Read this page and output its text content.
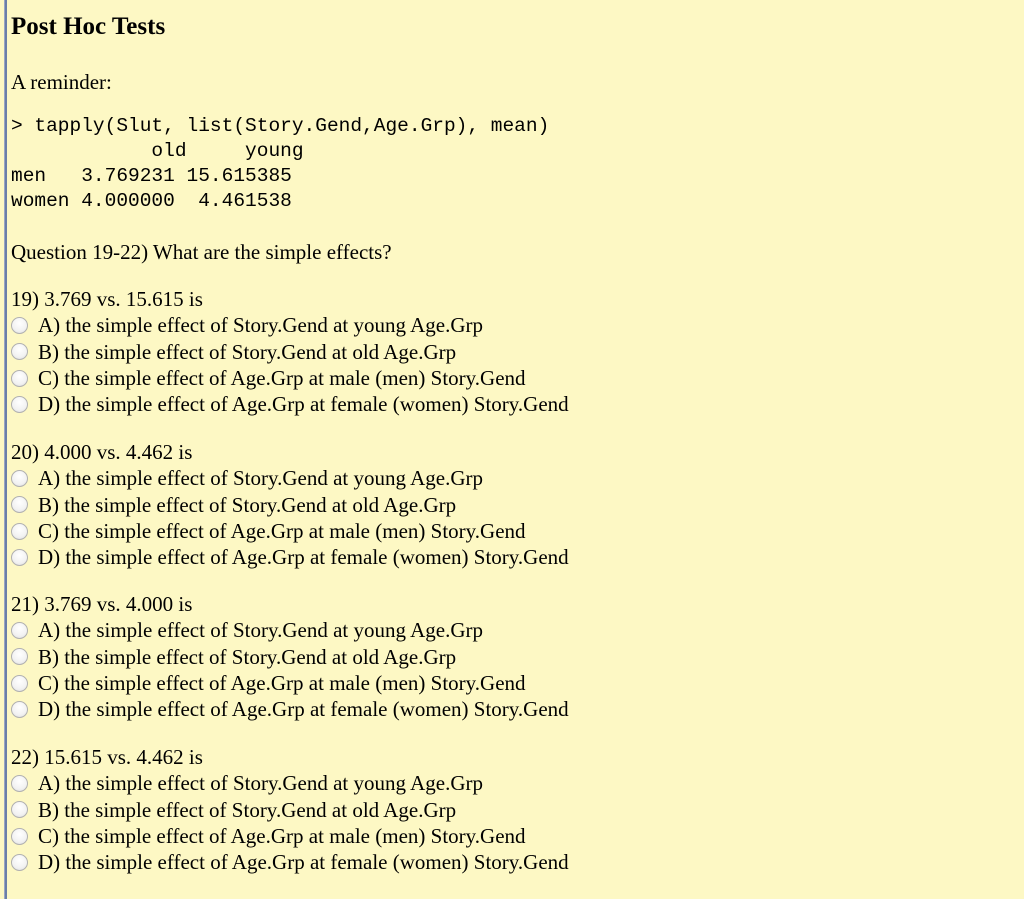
Post Hoc Tests

A reminder:

> tapply(Slut, list(Story.Gend,Age.Grp), mean)
old     young
men   3.769231 15.615385
women 4.000000  4.461538

Question 19-22) What are the simple effects?

19) 3.769 vs. 15.615 is
A) the simple effect of Story.Gend at young Age.Grp
B) the simple effect of Story.Gend at old Age.Grp
C) the simple effect of Age.Grp at male (men) Story.Gend
D) the simple effect of Age.Grp at female (women) Story.Gend
20) 4.000 vs. 4.462 is
A) the simple effect of Story.Gend at young Age.Grp
B) the simple effect of Story.Gend at old Age.Grp
C) the simple effect of Age.Grp at male (men) Story.Gend
D) the simple effect of Age.Grp at female (women) Story.Gend
21) 3.769 vs. 4.000 is
A) the simple effect of Story.Gend at young Age.Grp
B) the simple effect of Story.Gend at old Age.Grp
C) the simple effect of Age.Grp at male (men) Story.Gend
D) the simple effect of Age.Grp at female (women) Story.Gend
22) 15.615 vs. 4.462 is
A) the simple effect of Story.Gend at young Age.Grp
B) the simple effect of Story.Gend at old Age.Grp
C) the simple effect of Age.Grp at male (men) Story.Gend
D) the simple effect of Age.Grp at female (women) Story.Gend
